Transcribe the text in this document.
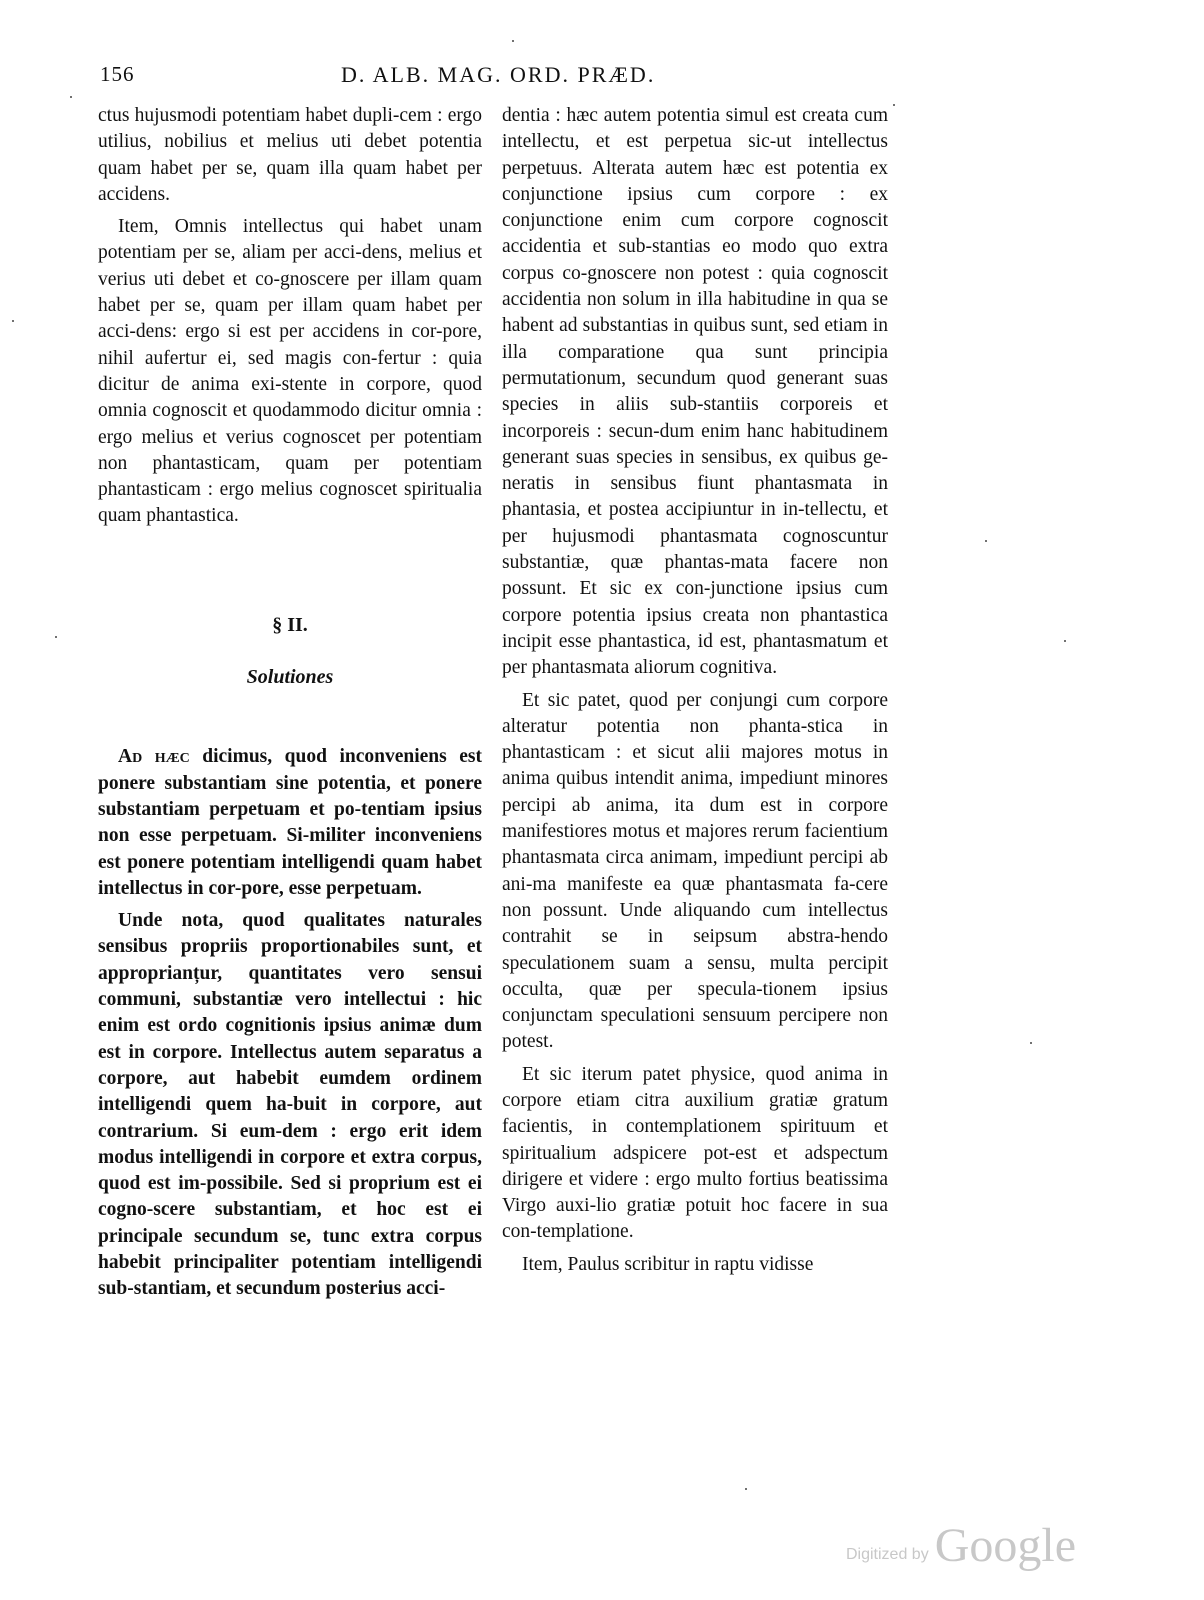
156	D. ALB. MAG. ORD. PRÆD.

ctus hujusmodi potentiam habet dupli-cem : ergo utilius, nobilius et melius uti debet potentia quam habet per se, quam illa quam habet per accidens.

Item, Omnis intellectus qui habet unam potentiam per se, aliam per acci-dens, melius et verius uti debet et co-gnoscere per illam quam habet per se, quam per illam quam habet per acci-dens: ergo si est per accidens in cor-pore, nihil aufertur ei, sed magis con-fertur : quia dicitur de anima exi-stente in corpore, quod omnia cognoscit et quodammodo dicitur omnia : ergo melius et verius cognoscet per potentiam non phantasticam, quam per potentiam phantasticam : ergo melius cognoscet spiritualia quam phantastica.

§ II.
Solutiones

Ad hæc dicimus, quod inconveniens est ponere substantiam sine potentia, et ponere substantiam perpetuam et po-tentiam ipsius non esse perpetuam. Si-militer inconveniens est ponere potentiam intelligendi quam habet intellectus in cor-pore, esse perpetuam.

Unde nota, quod qualitates naturales sensibus propriis proportionabiles sunt, et approprianțur, quantitates vero sensui communi, substantiæ vero intellectui : hic enim est ordo cognitionis ipsius animæ dum est in corpore. Intellectus autem separatus a corpore, aut habebit eumdem ordinem intelligendi quem ha-buit in corpore, aut contrarium. Si eum-dem : ergo erit idem modus intelligendi in corpore et extra corpus, quod est im-possibile. Sed si proprium est ei cogno-scere substantiam, et hoc est ei principale secundum se, tunc extra corpus habebit principaliter potentiam intelligendi sub-stantiam, et secundum posterius acci-

dentia : hæc autem potentia simul est creata cum intellectu, et est perpetua sic-ut intellectus perpetuus. Alterata autem hæc est potentia ex conjunctione ipsius cum corpore : ex conjunctione enim cum corpore cognoscit accidentia et sub-stantias eo modo quo extra corpus co-gnoscere non potest : quia cognoscit accidentia non solum in illa habitudine in qua se habent ad substantias in quibus sunt, sed etiam in illa comparatione qua sunt principia permutationum, secundum quod generant suas species in aliis sub-stantiis corporeis et incorporeis : secun-dum enim hanc habitudinem generant suas species in sensibus, ex quibus ge-neratis in sensibus fiunt phantasmata in phantasia, et postea accipiuntur in in-tellectu, et per hujusmodi phantasmata cognoscuntur substantiæ, quæ phantas-mata facere non possunt. Et sic ex con-junctione ipsius cum corpore potentia ipsius creata non phantastica incipit esse phantastica, id est, phantasmatum et per phantasmata aliorum cognitiva.

Et sic patet, quod per conjungi cum corpore alteratur potentia non phanta-stica in phantasticam : et sicut alii majores motus in anima quibus intendit anima, impediunt minores percipi ab anima, ita dum est in corpore manifestiores motus et majores rerum facientium phantasmata circa animam, impediunt percipi ab ani-ma manifeste ea quæ phantasmata fa-cere non possunt. Unde aliquando cum intellectus contrahit se in seipsum abstra-hendo speculationem suam a sensu, multa percipit occulta, quæ per specula-tionem ipsius conjunctam speculationi sensuum percipere non potest.

Et sic iterum patet physice, quod anima in corpore etiam citra auxilium gratiæ gratum facientis, in contemplationem spirituum et spiritualium adspicere pot-est et adspectum dirigere et videre : ergo multo fortius beatissima Virgo auxi-lio gratiæ potuit hoc facere in sua con-templatione.

Item, Paulus scribitur in raptu vidisse

Digitized by Google
